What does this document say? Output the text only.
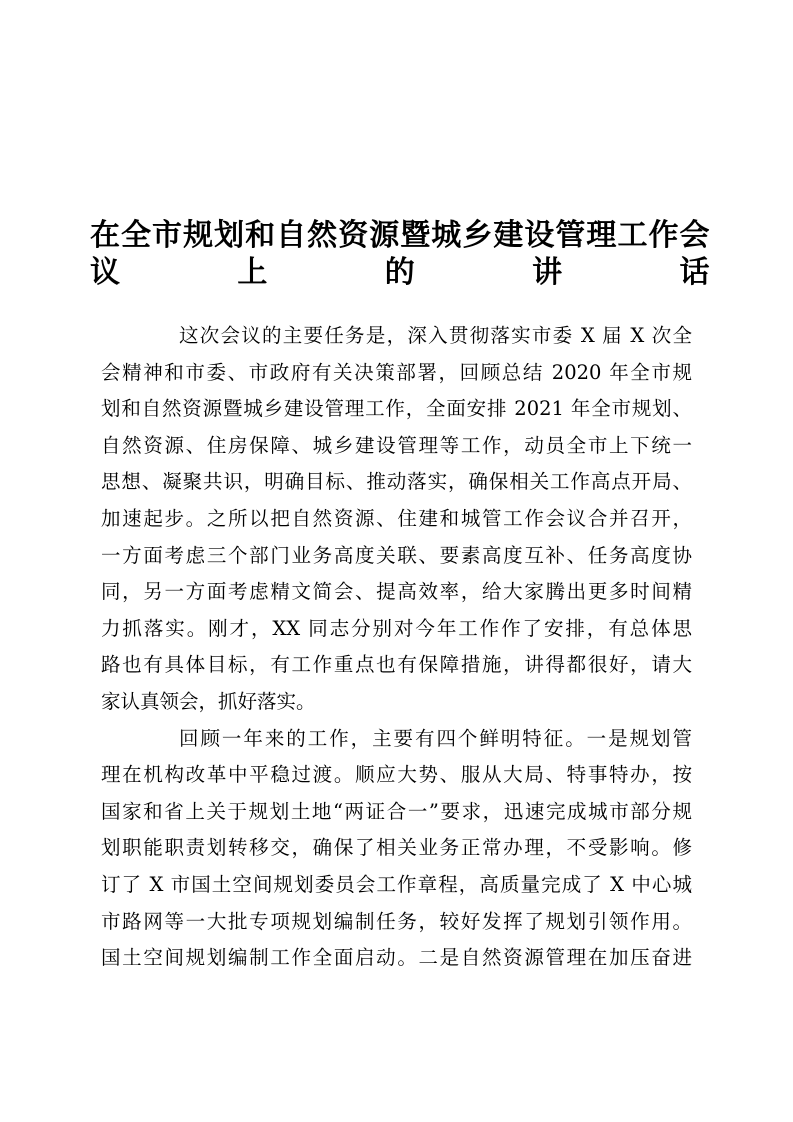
在全市规划和自然资源暨城乡建设管理工作会
议上的讲话

这次会议的主要任务是，深入贯彻落实市委 X 届 X 次全
会精神和市委、市政府有关决策部署，回顾总结 2020 年全市规
划和自然资源暨城乡建设管理工作，全面安排 2021 年全市规划、
自然资源、住房保障、城乡建设管理等工作，动员全市上下统一
思想、凝聚共识，明确目标、推动落实，确保相关工作高点开局、
加速起步。之所以把自然资源、住建和城管工作会议合并召开，
一方面考虑三个部门业务高度关联、要素高度互补、任务高度协
同，另一方面考虑精文简会、提高效率，给大家腾出更多时间精
力抓落实。刚才，XX 同志分别对今年工作作了安排，有总体思
路也有具体目标，有工作重点也有保障措施，讲得都很好，请大
家认真领会，抓好落实。

回顾一年来的工作，主要有四个鲜明特征。一是规划管
理在机构改革中平稳过渡。顺应大势、服从大局、特事特办，按
国家和省上关于规划土地“两证合一”要求，迅速完成城市部分规
划职能职责划转移交，确保了相关业务正常办理，不受影响。修
订了 X 市国土空间规划委员会工作章程，高质量完成了 X 中心城
市路网等一大批专项规划编制任务，较好发挥了规划引领作用。
国土空间规划编制工作全面启动。二是自然资源管理在加压奋进
